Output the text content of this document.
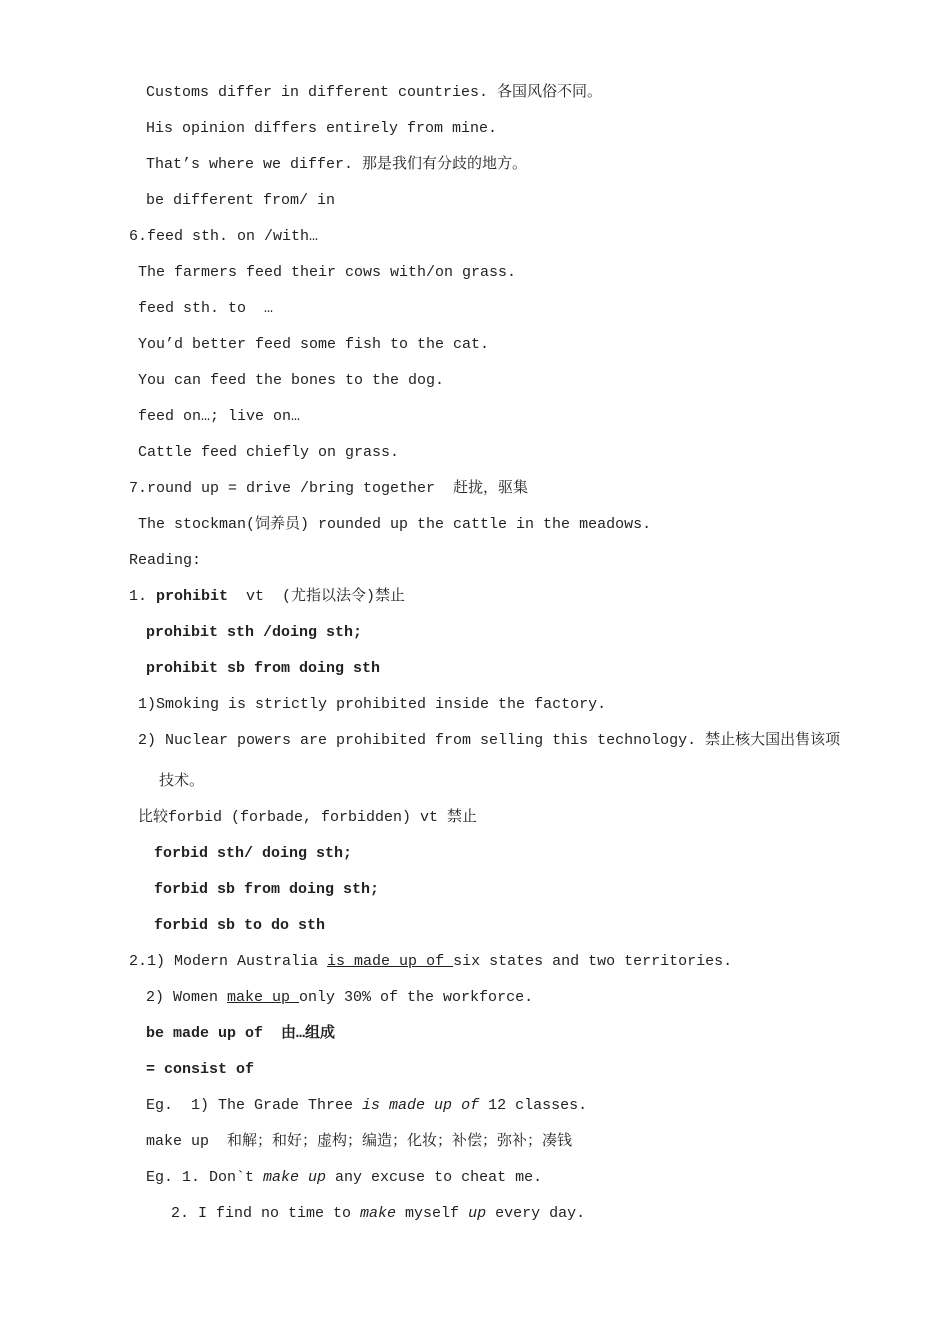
Customs differ in different countries. 各国风俗不同。
His opinion differs entirely from mine.
That’s where we differ. 那是我们有分歧的地方。
be different from/ in
6.feed sth. on /with…
The farmers feed their cows with/on grass.
feed sth. to  …
You’d better feed some fish to the cat.
You can feed the bones to the dog.
feed on…; live on…
Cattle feed chiefly on grass.
7.round up = drive /bring together  赶拢，驱集
The stockman(饲养员) rounded up the cattle in the meadows.
Reading:
1. prohibit  vt  (尤指以法令)禁止
prohibit sth /doing sth;
prohibit sb from doing sth
1)Smoking is strictly prohibited inside the factory.
2) Nuclear powers are prohibited from selling this technology. 禁止核大国出售该项
技术。
比较forbid (forbade, forbidden) vt 禁止
forbid sth/ doing sth;
forbid sb from doing sth;
forbid sb to do sth
2.1) Modern Australia is made up of six states and two territories.
2) Women make up only 30% of the workforce.
be made up of  由…组成
= consist of
Eg.  1) The Grade Three is made up of 12 classes.
make up  和解；和好；虚构；编造；化妆；补偿；弥补；凑钱
Eg. 1. Don`t make up any excuse to cheat me.
2. I find no time to make myself up every day.
